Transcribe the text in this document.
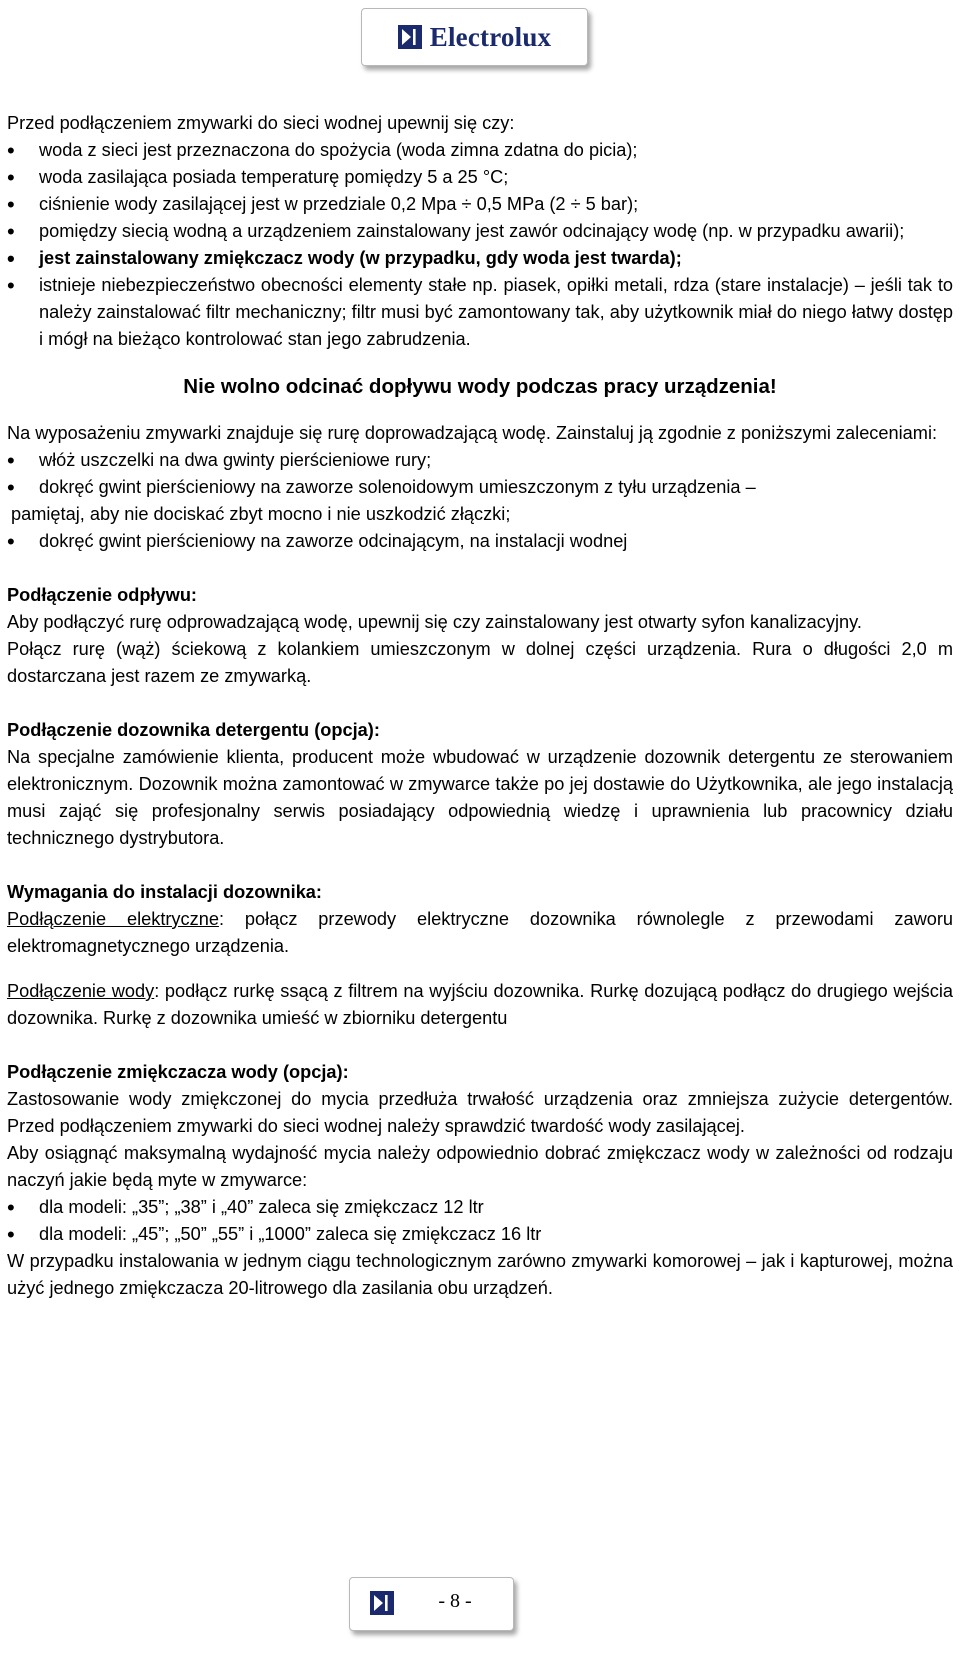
Electrolux

Przed podłączeniem zmywarki do sieci wodnej upewnij się czy:

• woda z sieci jest przeznaczona do spożycia (woda zimna zdatna do picia);
• woda zasilająca posiada temperaturę pomiędzy 5 a 25 °C;
• ciśnienie wody zasilającej jest w przedziale 0,2 Mpa ÷ 0,5 MPa (2 ÷ 5 bar);
• pomiędzy siecią wodną a urządzeniem zainstalowany jest zawór odcinający wodę (np. w przypadku awarii);
• jest zainstalowany zmiękczacz wody (w przypadku, gdy woda jest twarda);
• istnieje niebezpieczeństwo obecności elementy stałe np. piasek, opiłki metali, rdza (stare instalacje) – jeśli tak to należy zainstalować filtr mechaniczny; filtr musi być zamontowany tak, aby użytkownik miał do niego łatwy dostęp i mógł na bieżąco kontrolować stan jego zabrudzenia.

Nie wolno odcinać dopływu wody podczas pracy urządzenia!

Na wyposażeniu zmywarki znajduje się rurę doprowadzającą wodę. Zainstaluj ją zgodnie z poniższymi zaleceniami:

• włóż uszczelki na dwa gwinty pierścieniowe rury;
• dokręć gwint pierścieniowy na zaworze solenoidowym umieszczonym z tyłu urządzenia –

pamiętaj, aby nie dociskać zbyt mocno i nie uszkodzić złączki;

• dokręć gwint pierścieniowy na zaworze odcinającym, na instalacji wodnej

Podłączenie odpływu:

Aby podłączyć rurę odprowadzającą wodę, upewnij się czy zainstalowany jest otwarty syfon kanalizacyjny.

Połącz rurę (wąż) ściekową z kolankiem umieszczonym w dolnej części urządzenia. Rura o długości 2,0 m dostarczana jest razem ze zmywarką.

Podłączenie dozownika detergentu (opcja):

Na specjalne zamówienie klienta, producent może wbudować w urządzenie dozownik detergentu ze sterowaniem elektronicznym. Dozownik można zamontować w zmywarce także po jej dostawie do Użytkownika, ale jego instalacją musi zająć się profesjonalny serwis posiadający odpowiednią wiedzę i uprawnienia lub pracownicy działu technicznego dystrybutora.

Wymagania do instalacji dozownika:

Podłączenie elektryczne: połącz przewody elektryczne dozownika równolegle z przewodami zaworu elektromagnetycznego urządzenia.

Podłączenie wody: podłącz rurkę ssącą z filtrem na wyjściu dozownika. Rurkę dozującą podłącz do drugiego wejścia dozownika. Rurkę z dozownika umieść w zbiorniku detergentu

Podłączenie zmiękczacza wody (opcja):

Zastosowanie wody zmiękczonej do mycia przedłuża trwałość urządzenia oraz zmniejsza zużycie detergentów. Przed podłączeniem zmywarki do sieci wodnej należy sprawdzić twardość wody zasilającej.

Aby osiągnąć maksymalną wydajność mycia należy odpowiednio dobrać zmiękczacz wody w zależności od rodzaju naczyń jakie będą myte w zmywarce:

• dla modeli: „35”; „38” i „40” zaleca się zmiękczacz 12 ltr
• dla modeli: „45”; „50” „55” i „1000” zaleca się zmiękczacz 16 ltr

W przypadku instalowania w jednym ciągu technologicznym zarówno zmywarki komorowej – jak i kapturowej, można użyć jednego zmiękczacza 20-litrowego dla zasilania obu urządzeń.

- 8 -
